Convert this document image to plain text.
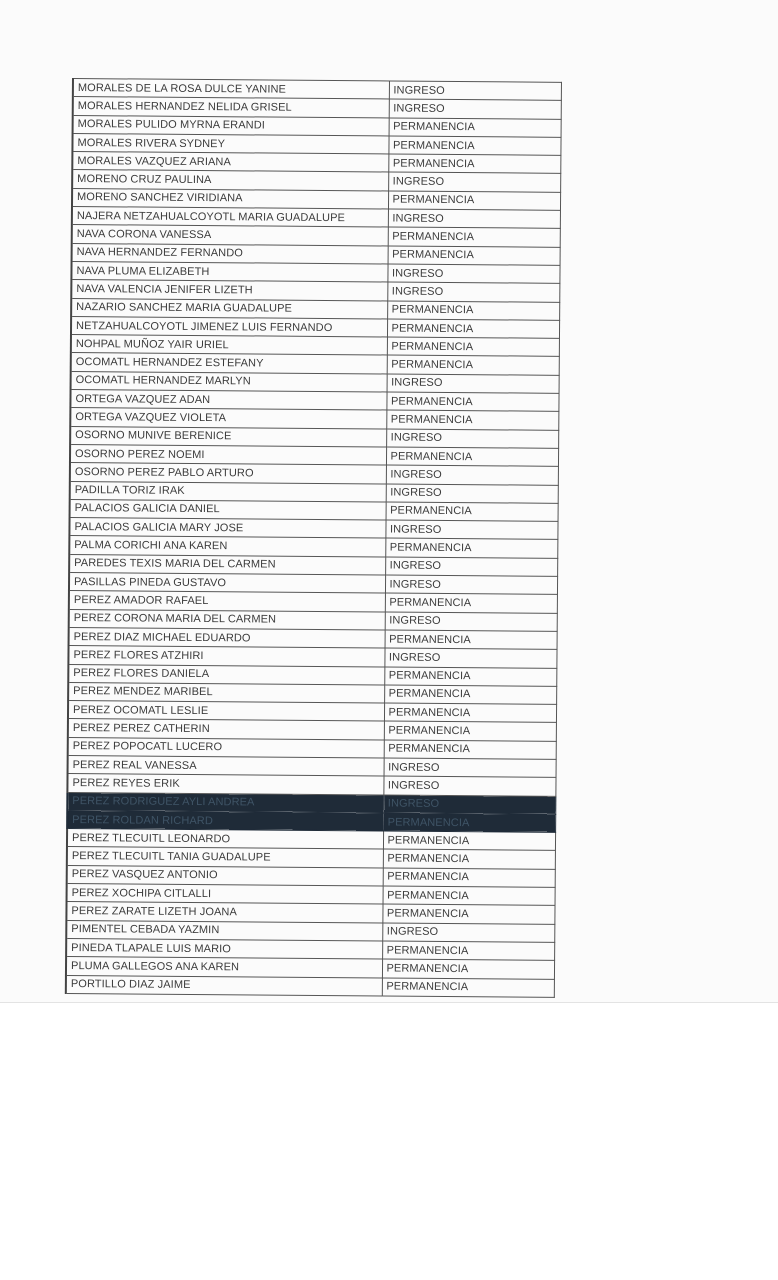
MORALES DE LA ROSA DULCE YANINE	INGRESO
MORALES HERNANDEZ NELIDA GRISEL	INGRESO
MORALES PULIDO MYRNA ERANDI	PERMANENCIA
MORALES RIVERA SYDNEY	PERMANENCIA
MORALES VAZQUEZ ARIANA	PERMANENCIA
MORENO CRUZ PAULINA	INGRESO
MORENO SANCHEZ VIRIDIANA	PERMANENCIA
NAJERA NETZAHUALCOYOTL MARIA GUADALUPE	INGRESO
NAVA CORONA VANESSA	PERMANENCIA
NAVA HERNANDEZ FERNANDO	PERMANENCIA
NAVA PLUMA ELIZABETH	INGRESO
NAVA VALENCIA JENIFER LIZETH	INGRESO
NAZARIO SANCHEZ MARIA GUADALUPE	PERMANENCIA
NETZAHUALCOYOTL JIMENEZ LUIS FERNANDO	PERMANENCIA
NOHPAL MUÑOZ YAIR URIEL	PERMANENCIA
OCOMATL HERNANDEZ ESTEFANY	PERMANENCIA
OCOMATL HERNANDEZ MARLYN	INGRESO
ORTEGA VAZQUEZ ADAN	PERMANENCIA
ORTEGA VAZQUEZ VIOLETA	PERMANENCIA
OSORNO MUNIVE BERENICE	INGRESO
OSORNO PEREZ NOEMI	PERMANENCIA
OSORNO PEREZ PABLO ARTURO	INGRESO
PADILLA TORIZ IRAK	INGRESO
PALACIOS GALICIA DANIEL	PERMANENCIA
PALACIOS GALICIA MARY JOSE	INGRESO
PALMA CORICHI ANA KAREN	PERMANENCIA
PAREDES TEXIS MARIA DEL CARMEN	INGRESO
PASILLAS PINEDA GUSTAVO	INGRESO
PEREZ AMADOR RAFAEL	PERMANENCIA
PEREZ CORONA MARIA DEL CARMEN	INGRESO
PEREZ DIAZ MICHAEL EDUARDO	PERMANENCIA
PEREZ FLORES ATZHIRI	INGRESO
PEREZ FLORES DANIELA	PERMANENCIA
PEREZ MENDEZ MARIBEL	PERMANENCIA
PEREZ OCOMATL LESLIE	PERMANENCIA
PEREZ PEREZ CATHERIN	PERMANENCIA
PEREZ POPOCATL LUCERO	PERMANENCIA
PEREZ REAL VANESSA	INGRESO
PEREZ REYES ERIK	INGRESO
PEREZ RODRIGUEZ AYLI ANDREA	INGRESO
PEREZ ROLDAN RICHARD	PERMANENCIA
PEREZ TLECUITL LEONARDO	PERMANENCIA
PEREZ TLECUITL TANIA GUADALUPE	PERMANENCIA
PEREZ VASQUEZ ANTONIO	PERMANENCIA
PEREZ XOCHIPA CITLALLI	PERMANENCIA
PEREZ ZARATE LIZETH JOANA	PERMANENCIA
PIMENTEL CEBADA YAZMIN	INGRESO
PINEDA TLAPALE LUIS MARIO	PERMANENCIA
PLUMA GALLEGOS ANA KAREN	PERMANENCIA
PORTILLO DIAZ JAIME	PERMANENCIA
